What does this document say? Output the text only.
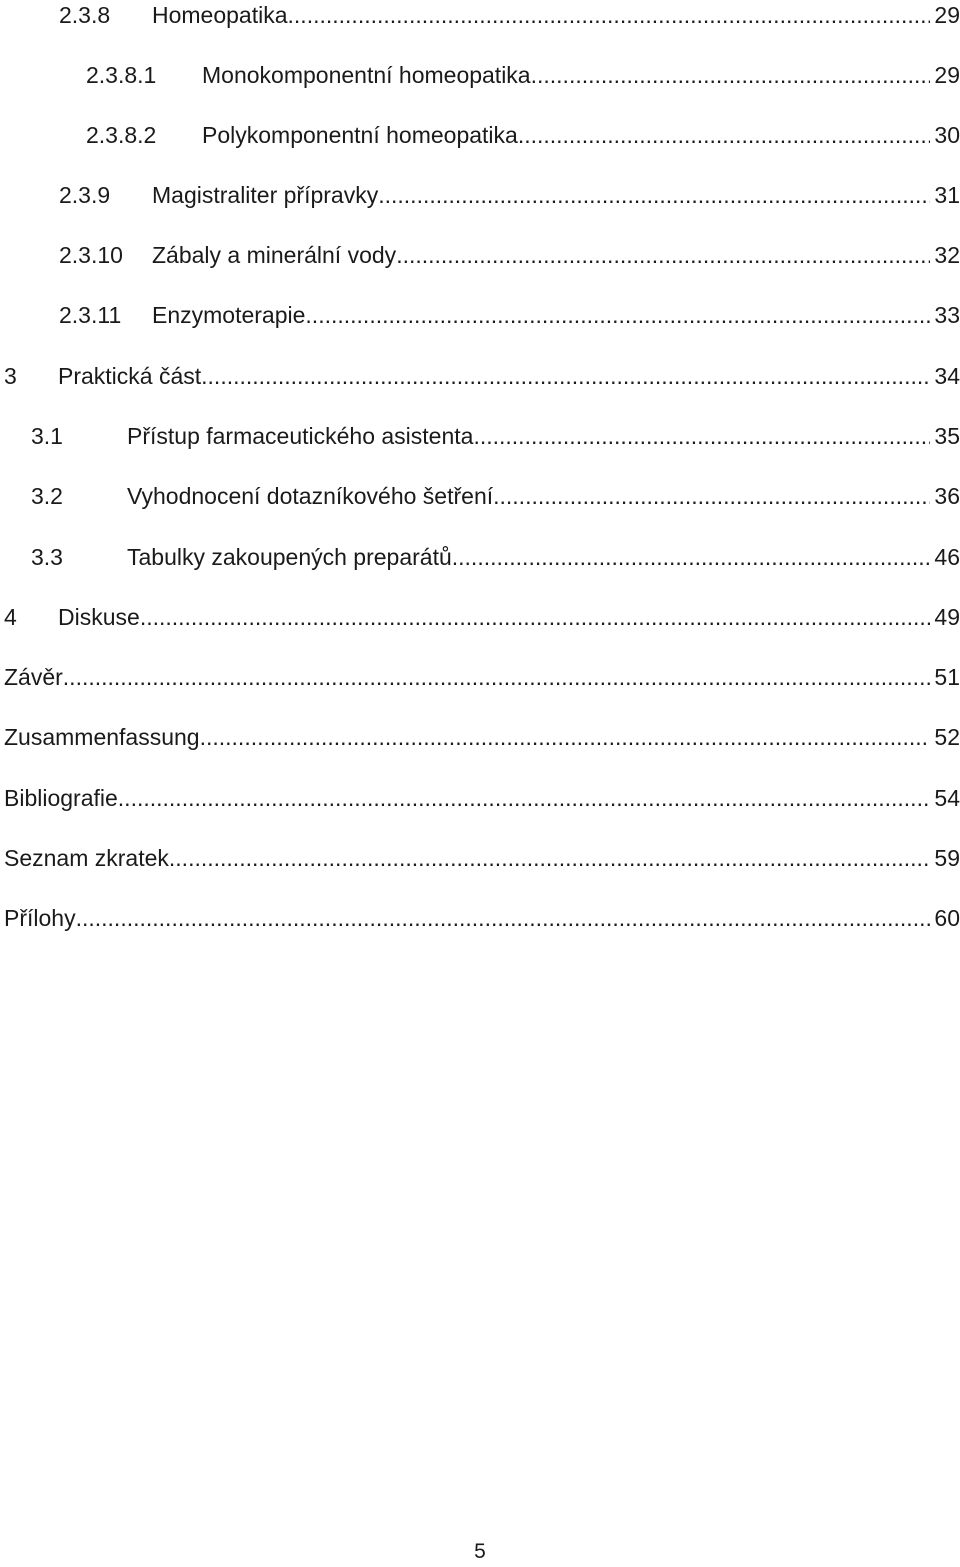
2.3.8	Homeopatika .....	29
2.3.8.1	Monokomponentní homeopatika .....	29
2.3.8.2	Polykomponentní homeopatika .....	30
2.3.9	Magistraliter přípravky .....	31
2.3.10	Zábaly a minerální vody .....	32
2.3.11	Enzymoterapie .....	33
3	Praktická část .....	34
3.1	Přístup farmaceutického asistenta .....	35
3.2	Vyhodnocení dotazníkového šetření .....	36
3.3	Tabulky zakoupených preparátů .....	46
4	Diskuse .....	49
Závěr .....	51
Zusammenfassung .....	52
Bibliografie .....	54
Seznam zkratek .....	59
Přílohy .....	60
5
